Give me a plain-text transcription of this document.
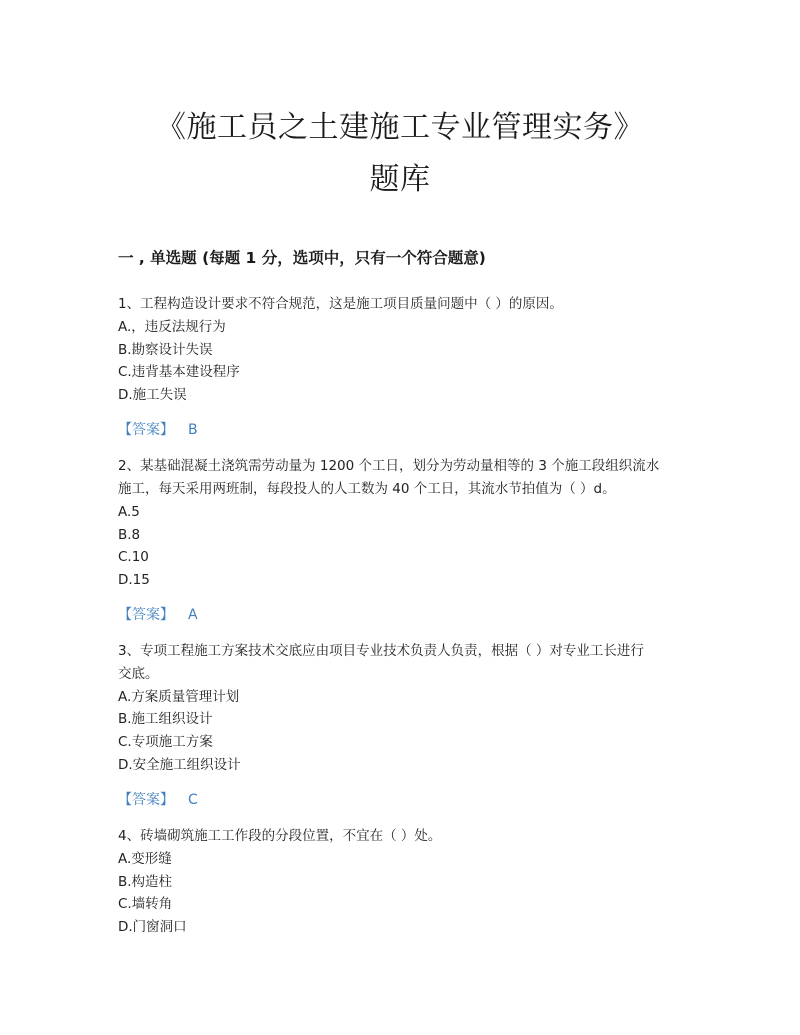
《施工员之土建施工专业管理实务》
题库
一 , 单选题 (每题 1 分，选项中，只有一个符合题意)
1、工程构造设计要求不符合规范，这是施工项目质量问题中（ ）的原因。
A.，违反法规行为
B.勘察设计失误
C.违背基本建设程序
D.施工失误
【答案】 B
2、某基础混凝土浇筑需劳动量为 1200 个工日，划分为劳动量相等的 3 个施工段组织流水
施工，每天采用两班制，每段投人的人工数为 40 个工日，其流水节拍值为（ ）d。
A.5
B.8
C.10
D.15
【答案】 A
3、专项工程施工方案技术交底应由项目专业技术负责人负责，根据（ ）对专业工长进行
交底。
A.方案质量管理计划
B.施工组织设计
C.专项施工方案
D.安全施工组织设计
【答案】 C
4、砖墙砌筑施工工作段的分段位置，不宜在（ ）处。
A.变形缝
B.构造柱
C.墙转角
D.门窗洞口
